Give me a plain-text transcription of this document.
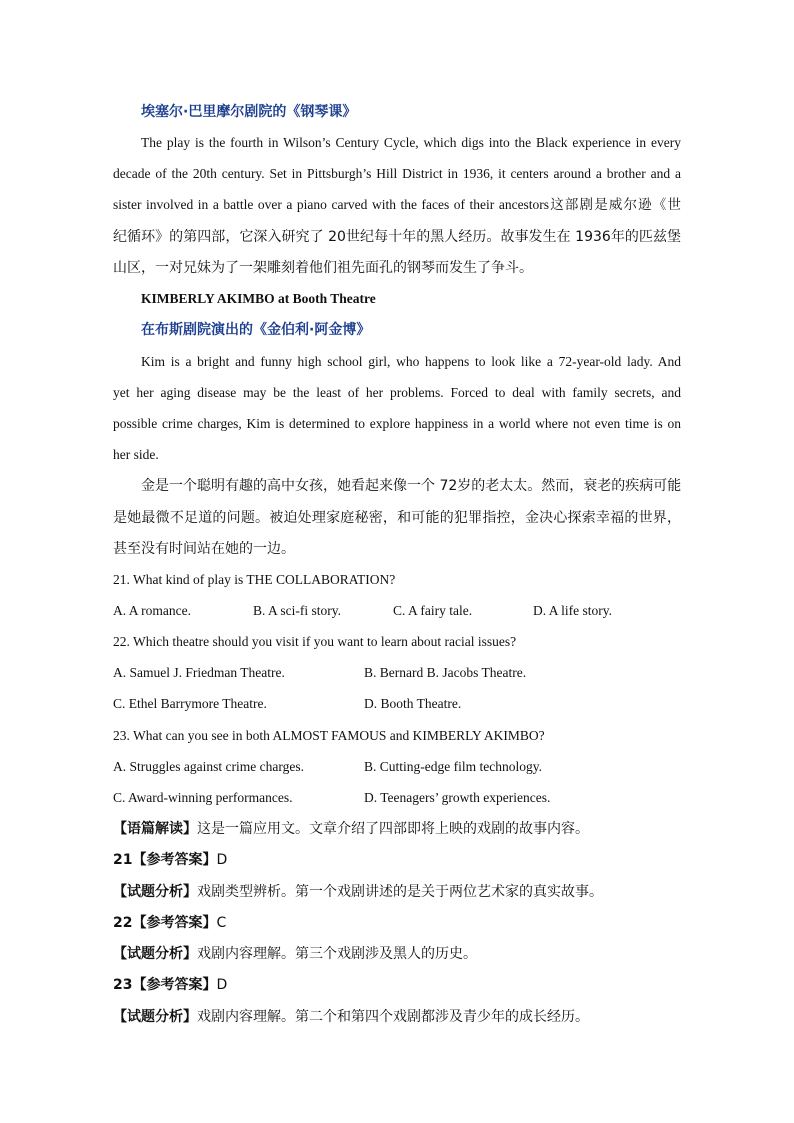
埃塞尔·巴里摩尔剧院的《钢琴课》
The play is the fourth in Wilson’s Century Cycle, which digs into the Black experience in every
decade of the 20th century. Set in Pittsburgh’s Hill District in 1936, it centers around a brother and a
sister involved in a battle over a piano carved with the faces of their ancestors这部剧是威尔逊《世
纪循环》的第四部，它深入研究了 20世纪每十年的黑人经历。故事发生在 1936年的匹兹堡
山区，一对兄妹为了一架雕刻着他们祖先面孔的钢琴而发生了争斗。
KIMBERLY AKIMBO at Booth Theatre
在布斯剧院演出的《金伯利·阿金博》
Kim is a bright and funny high school girl, who happens to look like a 72-year-old lady. And
yet her aging disease may be the least of her problems. Forced to deal with family secrets, and
possible crime charges, Kim is determined to explore happiness in a world where not even time is on
her side.
金是一个聪明有趣的高中女孩，她看起来像一个 72岁的老太太。然而，衰老的疾病可能
是她最微不足道的问题。被迫处理家庭秘密，和可能的犯罪指控，金决心探索幸福的世界，
甚至没有时间站在她的一边。
21. What kind of play is THE COLLABORATION?
A. A romance.	B. A sci-fi story.	C. A fairy tale.	D. A life story.
22. Which theatre should you visit if you want to learn about racial issues?
A. Samuel J. Friedman Theatre.	B. Bernard B. Jacobs Theatre.
C. Ethel Barrymore Theatre.	D. Booth Theatre.
23. What can you see in both ALMOST FAMOUS and KIMBERLY AKIMBO?
A. Struggles against crime charges.	B. Cutting-edge film technology.
C. Award-winning performances.	D. Teenagers’ growth experiences.
【语篇解读】这是一篇应用文。文章介绍了四部即将上映的戏剧的故事内容。
21【参考答案】D
【试题分析】戏剧类型辨析。第一个戏剧讲述的是关于两位艺术家的真实故事。
22【参考答案】C
【试题分析】戏剧内容理解。第三个戏剧涉及黑人的历史。
23【参考答案】D
【试题分析】戏剧内容理解。第二个和第四个戏剧都涉及青少年的成长经历。
